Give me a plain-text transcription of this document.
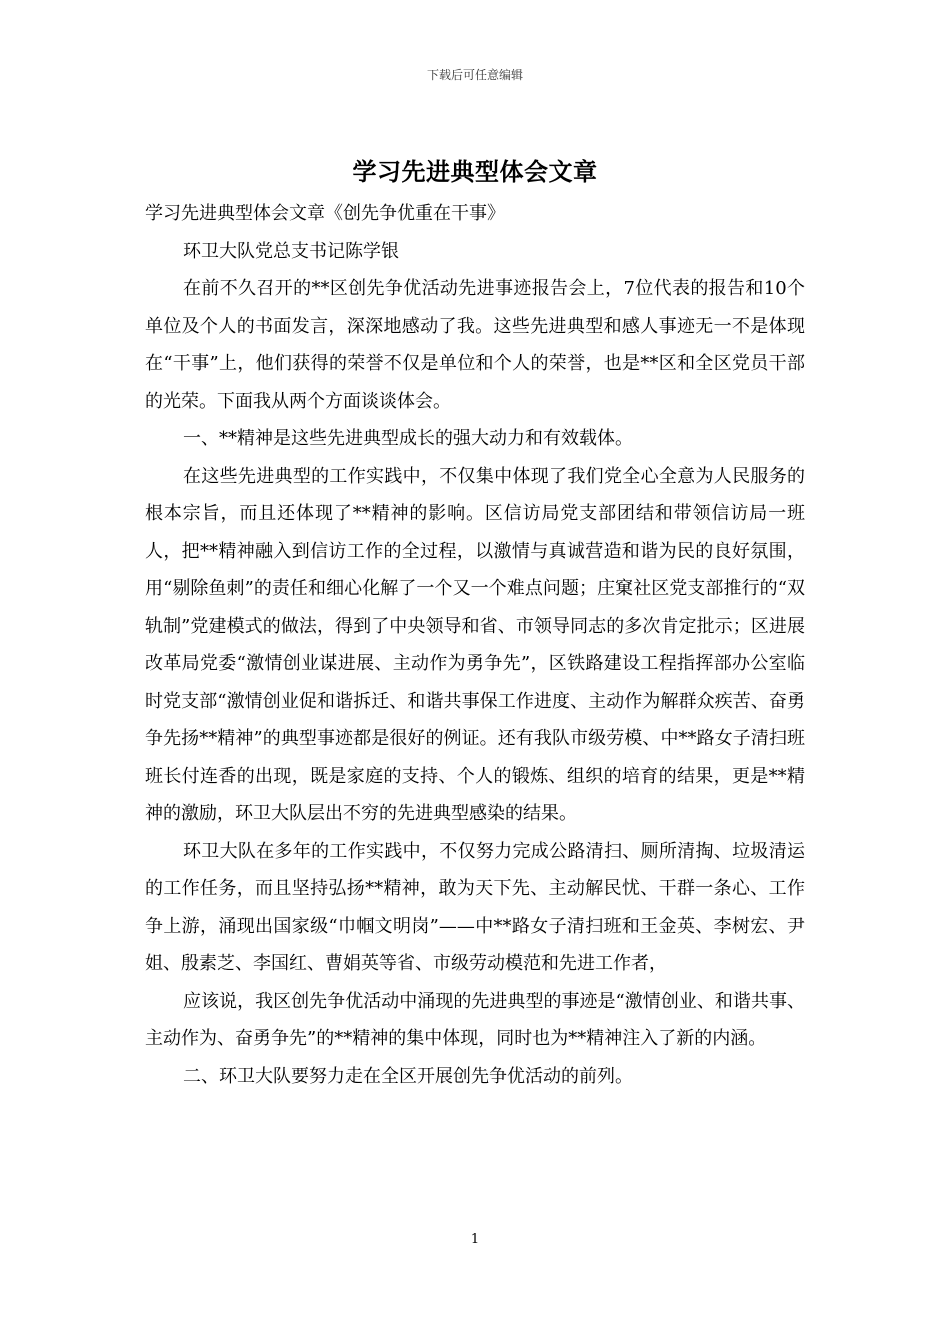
下载后可任意编辑
学习先进典型体会文章

学习先进典型体会文章《创先争优重在干事》

环卫大队党总支书记陈学银

在前不久召开的**区创先争优活动先进事迹报告会上，7位代表的报告和10个单位及个人的书面发言，深深地感动了我。这些先进典型和感人事迹无一不是体现在“干事”上，他们获得的荣誉不仅是单位和个人的荣誉，也是**区和全区党员干部的光荣。下面我从两个方面谈谈体会。

一、**精神是这些先进典型成长的强大动力和有效载体。

在这些先进典型的工作实践中，不仅集中体现了我们党全心全意为人民服务的根本宗旨，而且还体现了**精神的影响。区信访局党支部团结和带领信访局一班人，把**精神融入到信访工作的全过程，以激情与真诚营造和谐为民的良好氛围，用“剔除鱼刺”的责任和细心化解了一个又一个难点问题；庄窠社区党支部推行的“双轨制”党建模式的做法，得到了中央领导和省、市领导同志的多次肯定批示；区进展改革局党委“激情创业谋进展、主动作为勇争先”，区铁路建设工程指挥部办公室临时党支部“激情创业促和谐拆迁、和谐共事保工作进度、主动作为解群众疾苦、奋勇争先扬**精神”的典型事迹都是很好的例证。还有我队市级劳模、中**路女子清扫班班长付连香的出现，既是家庭的支持、个人的锻炼、组织的培育的结果，更是**精神的激励，环卫大队层出不穷的先进典型感染的结果。

环卫大队在多年的工作实践中，不仅努力完成公路清扫、厕所清掏、垃圾清运的工作任务，而且坚持弘扬**精神，敢为天下先、主动解民忧、干群一条心、工作争上游，涌现出国家级“巾帼文明岗”——中**路女子清扫班和王金英、李树宏、尹姐、殷素芝、李国红、曹娟英等省、市级劳动模范和先进工作者，

应该说，我区创先争优活动中涌现的先进典型的事迹是“激情创业、和谐共事、主动作为、奋勇争先”的**精神的集中体现，同时也为**精神注入了新的内涵。

二、环卫大队要努力走在全区开展创先争优活动的前列。

1
